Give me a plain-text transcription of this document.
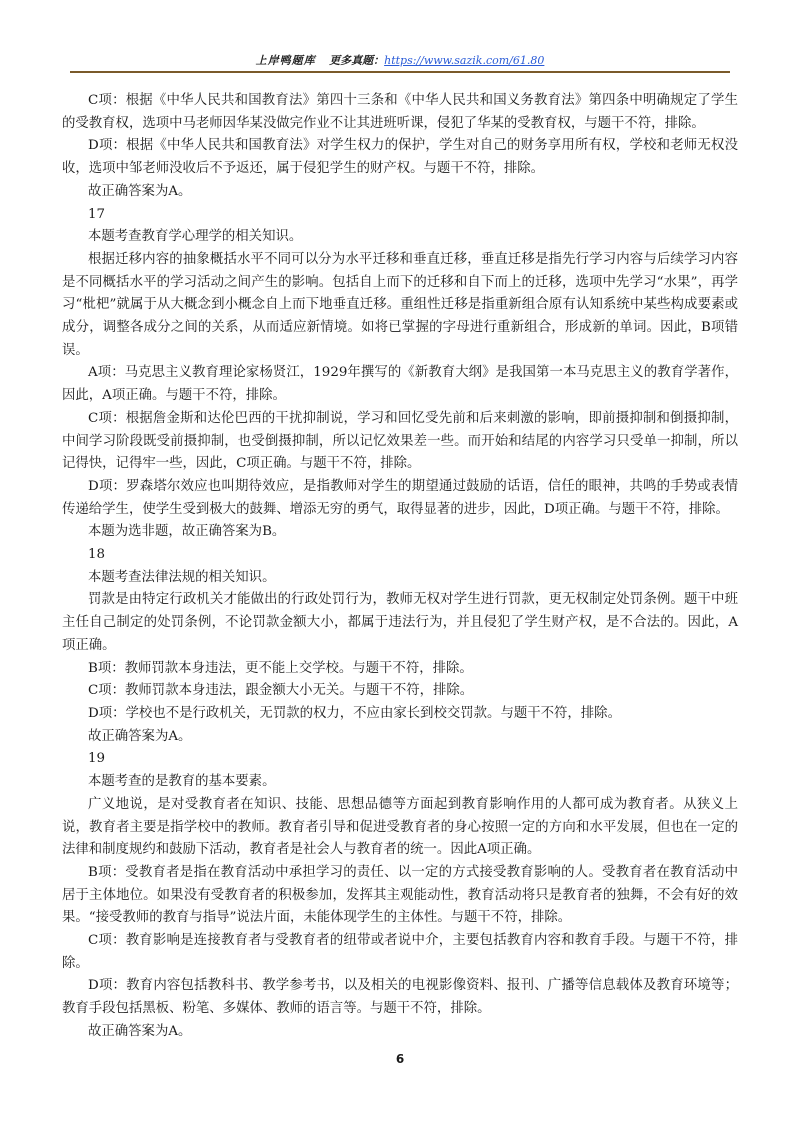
上岸鸭题库 更多真题：https://www.sazik.com/61.80

C项：根据《中华人民共和国教育法》第四十三条和《中华人民共和国义务教育法》第四条中明确规定了学生的受教育权，选项中马老师因华某没做完作业不让其进班听课，侵犯了华某的受教育权，与题干不符，排除。

D项：根据《中华人民共和国教育法》对学生权力的保护，学生对自己的财务享用所有权，学校和老师无权没收，选项中邹老师没收后不予返还，属于侵犯学生的财产权。与题干不符，排除。

故正确答案为A。

17

本题考查教育学心理学的相关知识。

根据迁移内容的抽象概括水平不同可以分为水平迁移和垂直迁移，垂直迁移是指先行学习内容与后续学习内容是不同概括水平的学习活动之间产生的影响。包括自上而下的迁移和自下而上的迁移，选项中先学习“水果”，再学习“枇杷”就属于从大概念到小概念自上而下地垂直迁移。重组性迁移是指重新组合原有认知系统中某些构成要素或成分，调整各成分之间的关系，从而适应新情境。如将已掌握的字母进行重新组合，形成新的单词。因此，B项错误。

A项：马克思主义教育理论家杨贤江，1929年撰写的《新教育大纲》是我国第一本马克思主义的教育学著作，因此，A项正确。与题干不符，排除。

C项：根据詹金斯和达伦巴西的干扰抑制说，学习和回忆受先前和后来刺激的影响，即前摄抑制和倒摄抑制，中间学习阶段既受前摄抑制，也受倒摄抑制，所以记忆效果差一些。而开始和结尾的内容学习只受单一抑制，所以记得快，记得牢一些，因此，C项正确。与题干不符，排除。

D项：罗森塔尔效应也叫期待效应，是指教师对学生的期望通过鼓励的话语，信任的眼神，共鸣的手势或表情传递给学生，使学生受到极大的鼓舞、增添无穷的勇气，取得显著的进步，因此，D项正确。与题干不符，排除。

本题为选非题，故正确答案为B。

18

本题考查法律法规的相关知识。

罚款是由特定行政机关才能做出的行政处罚行为，教师无权对学生进行罚款，更无权制定处罚条例。题干中班主任自己制定的处罚条例，不论罚款金额大小，都属于违法行为，并且侵犯了学生财产权，是不合法的。因此，A项正确。

B项：教师罚款本身违法，更不能上交学校。与题干不符，排除。

C项：教师罚款本身违法，跟金额大小无关。与题干不符，排除。

D项：学校也不是行政机关，无罚款的权力，不应由家长到校交罚款。与题干不符，排除。

故正确答案为A。

19

本题考查的是教育的基本要素。

广义地说，是对受教育者在知识、技能、思想品德等方面起到教育影响作用的人都可成为教育者。从狭义上说，教育者主要是指学校中的教师。教育者引导和促进受教育者的身心按照一定的方向和水平发展，但也在一定的法律和制度规约和鼓励下活动，教育者是社会人与教育者的统一。因此A项正确。

B项：受教育者是指在教育活动中承担学习的责任、以一定的方式接受教育影响的人。受教育者在教育活动中居于主体地位。如果没有受教育者的积极参加，发挥其主观能动性，教育活动将只是教育者的独舞，不会有好的效果。“接受教师的教育与指导”说法片面，未能体现学生的主体性。与题干不符，排除。

C项：教育影响是连接教育者与受教育者的纽带或者说中介，主要包括教育内容和教育手段。与题干不符，排除。

D项：教育内容包括教科书、教学参考书，以及相关的电视影像资料、报刊、广播等信息载体及教育环境等；教育手段包括黑板、粉笔、多媒体、教师的语言等。与题干不符，排除。

故正确答案为A。

6
